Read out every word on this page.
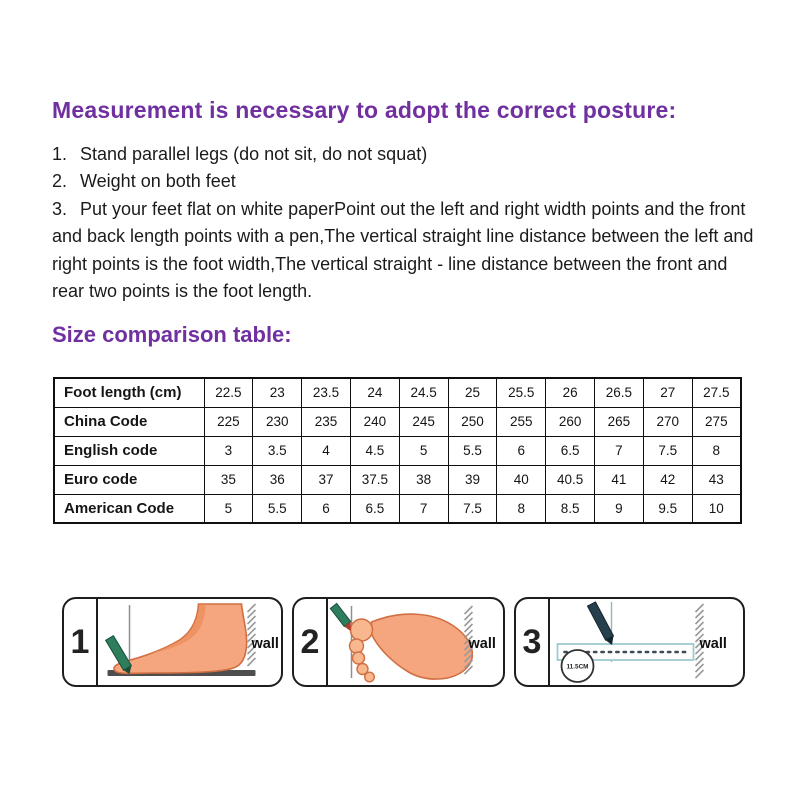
Measurement is necessary to adopt the correct posture:

1. Stand parallel legs (do not sit, do not squat)

2. Weight on both feet

3. Put your feet flat on white paperPoint out the left and right width points and the front and back length points with a pen,The vertical straight line distance between the left and right points is the foot width,The vertical straight - line distance between the front and rear two points is the foot length.

Size comparison table:
Foot length (cm)	22.5	23	23.5	24	24.5	25	25.5	26	26.5	27	27.5
China Code	225	230	235	240	245	250	255	260	265	270	275
English code	3	3.5	4	4.5	5	5.5	6	6.5	7	7.5	8
Euro code	35	36	37	37.5	38	39	40	40.5	41	42	43
American Code	5	5.5	6	6.5	7	7.5	8	8.5	9	9.5	10
1	wall 2	wall 3
11.5CM
wall
